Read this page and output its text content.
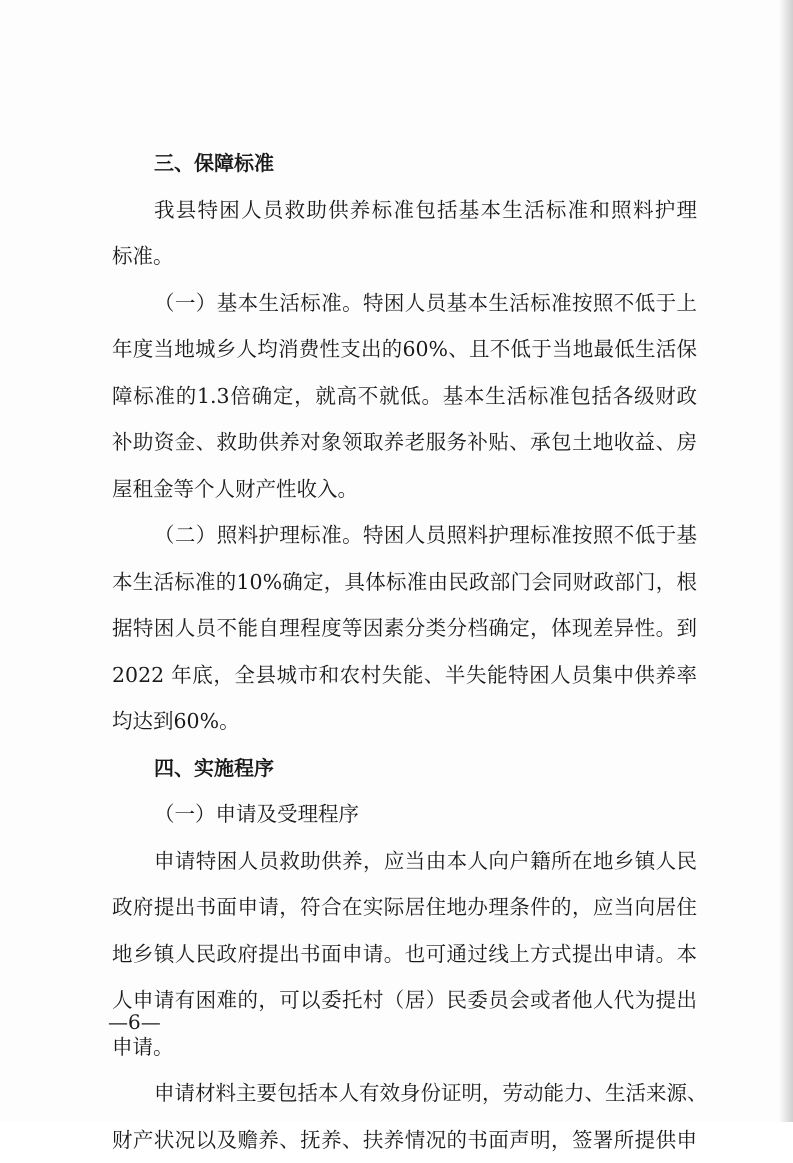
三、保障标准
我县特困人员救助供养标准包括基本生活标准和照料护理
标准。
（一）基本生活标准。特困人员基本生活标准按照不低于上
年度当地城乡人均消费性支出的60%、且不低于当地最低生活保
障标准的1.3倍确定，就高不就低。基本生活标准包括各级财政
补助资金、救助供养对象领取养老服务补贴、承包土地收益、房
屋租金等个人财产性收入。
（二）照料护理标准。特困人员照料护理标准按照不低于基
本生活标准的10%确定，具体标准由民政部门会同财政部门，根
据特困人员不能自理程度等因素分类分档确定，体现差异性。到
2022 年底，全县城市和农村失能、半失能特困人员集中供养率
均达到60%。
四、实施程序
（一）申请及受理程序
申请特困人员救助供养，应当由本人向户籍所在地乡镇人民
政府提出书面申请，符合在实际居住地办理条件的，应当向居住
地乡镇人民政府提出书面申请。也可通过线上方式提出申请。本
人申请有困难的，可以委托村（居）民委员会或者他人代为提出
申请。
申请材料主要包括本人有效身份证明，劳动能力、生活来源、
财产状况以及赡养、抚养、扶养情况的书面声明，签署所提供申
—6—
